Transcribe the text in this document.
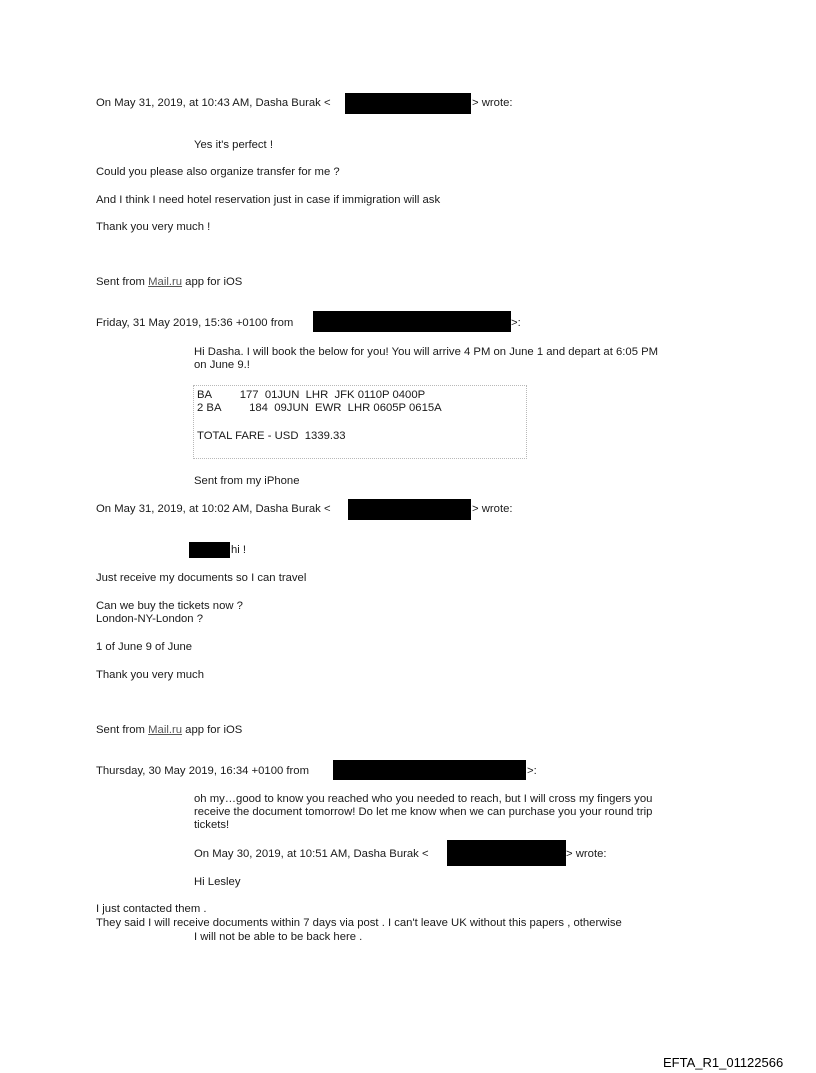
On May 31, 2019, at 10:43 AM, Dasha Burak <	> wrote:
Yes it's perfect !
Could you please also organize transfer for me ?
And I think I need hotel reservation just in case if immigration will ask
Thank you very much !
Sent from Mail.ru app for iOS
Friday, 31 May 2019, 15:36 +0100 from	>:
Hi Dasha. I will book the below for you! You will arrive 4 PM on June 1 and depart at 6:05 PM on June 9.!
BA         177  01JUN  LHR  JFK 0110P 0400P
2 BA         184  09JUN  EWR  LHR 0605P 0615A
TOTAL FARE - USD  1339.33
Sent from my iPhone
On May 31, 2019, at 10:02 AM, Dasha Burak <	> wrote:
hi !
Just receive my documents so I can travel
Can we buy the tickets now ?
London-NY-London ?
1 of June 9 of June
Thank you very much
Sent from Mail.ru app for iOS
Thursday, 30 May 2019, 16:34 +0100 from	>:
oh my…good to know you reached who you needed to reach, but I will cross my fingers you receive the document tomorrow! Do let me know when we can purchase you your round trip tickets!
On May 30, 2019, at 10:51 AM, Dasha Burak <	> wrote:
Hi Lesley
I just contacted them .
They said I will receive documents within 7 days via post . I can't leave UK without this papers , otherwise
I will not be able to be back here .
EFTA_R1_01122566
